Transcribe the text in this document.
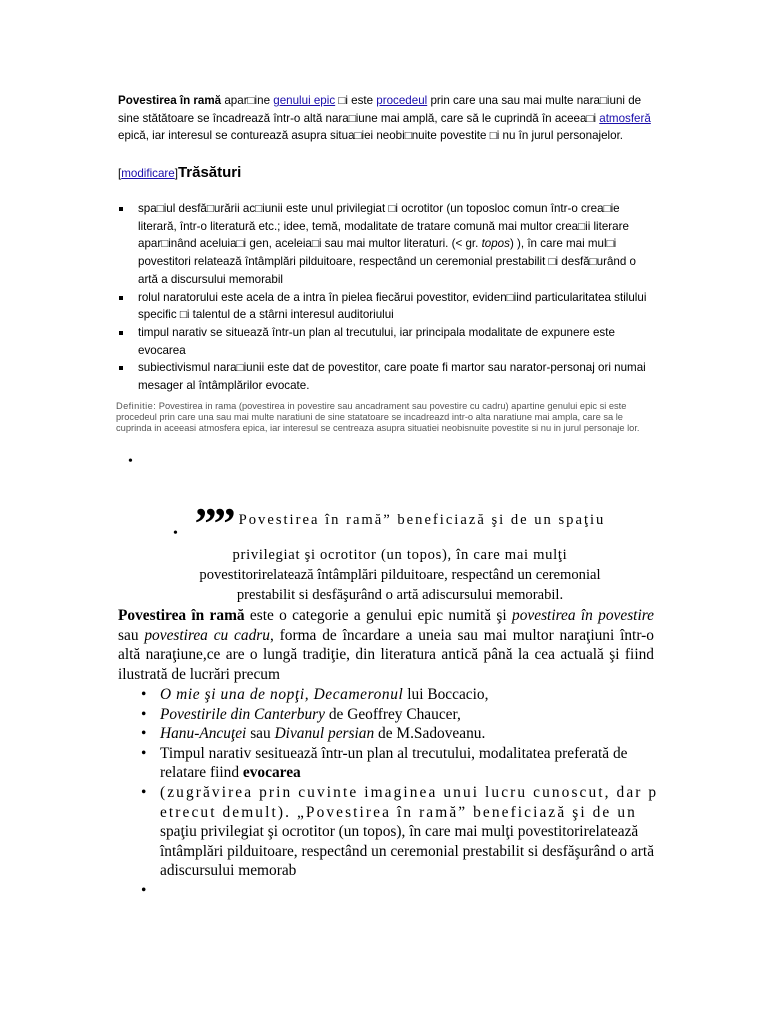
Povestirea în ramă apar□ine genului epic □i este procedeul prin care una sau mai multe nara□iuni de sine stătătoare se încadrează într-o altă nara□iune mai amplă, care să le cuprindă în aceea□i atmosferă epică, iar interesul se conturează asupra situa□iei neobi□nuite povestite □i nu în jurul personajelor.

[modificare]Trăsături
spa□iul desfă□urării ac□iunii este unul privilegiat □i ocrotitor (un toposloc comun într-o crea□ie literară, într-o literatură etc.; idee, temă, modalitate de tratare comună mai multor crea□ii literare apar□inând aceluia□i gen, aceleia□i sau mai multor literaturi. (< gr. topos) ), în care mai mul□i povestitori relatează întâmplări pilduitoare, respectând un ceremonial prestabilit □i desfă□urând o artă a discursului memorabil
rolul naratorului este acela de a intra în pielea fiecărui povestitor, eviden□iind particularitatea stilului specific □i talentul de a stârni interesul auditoriului
timpul narativ se situează într-un plan al trecutului, iar principala modalitate de expunere este evocarea
subiectivismul nara□iunii este dat de povestitor, care poate fi martor sau narator-personaj ori numai mesager al întâmplărilor evocate.
Definitie: Povestirea in rama (povestirea in povestire sau ancadrament sau povestire cu cadru) apartine genului epic si este procedeul prin care una sau mai multe naratiuni de sine statatoare se incadreazd intr-o alta naratiune mai ampla, care sa le cuprinda in aceeasi atmosfera epica, iar interesul se centreaza asupra situatiei neobisnuite povestite si nu in jurul personaje lor.
•
• ”” Povestirea în ramă” beneficiază şi de un spaţiu
privilegiat şi ocrotitor (un topos), în care mai mulţi
povestitorirelatează întâmplări pilduitoare, respectând un ceremonial
prestabilit si desfăşurând o artă adiscursului memorabil.

Povestirea în ramă este o categorie a genului epic numită şi povestirea în povestire sau povestirea cu cadru, forma de încardare a uneia sau mai multor naraţiuni într-o altă naraţiune,ce are o lungă tradiţie, din literatura antică până la cea actuală şi fiind ilustrată de lucrări precum

• O mie şi una de nopţi, Decameronul lui Boccacio,
• Povestirile din Canterbury de Geoffrey Chaucer,
• Hanu-Ancuţei sau Divanul persian de M.Sadoveanu.
• Timpul narativ sesituează într-un plan al trecutului, modalitatea preferată de relatare fiind evocarea
• (zugrăvirea prin cuvinte imaginea unui lucru cunoscut, dar p etrecut demult). „Povestirea în ramă” beneficiază şi de un spaţiu privilegiat şi ocrotitor (un topos), în care mai mulţi povestitorirelatează întâmplări pilduitoare, respectând un ceremonial prestabilit si desfăşurând o artă adiscursului memorab
•
